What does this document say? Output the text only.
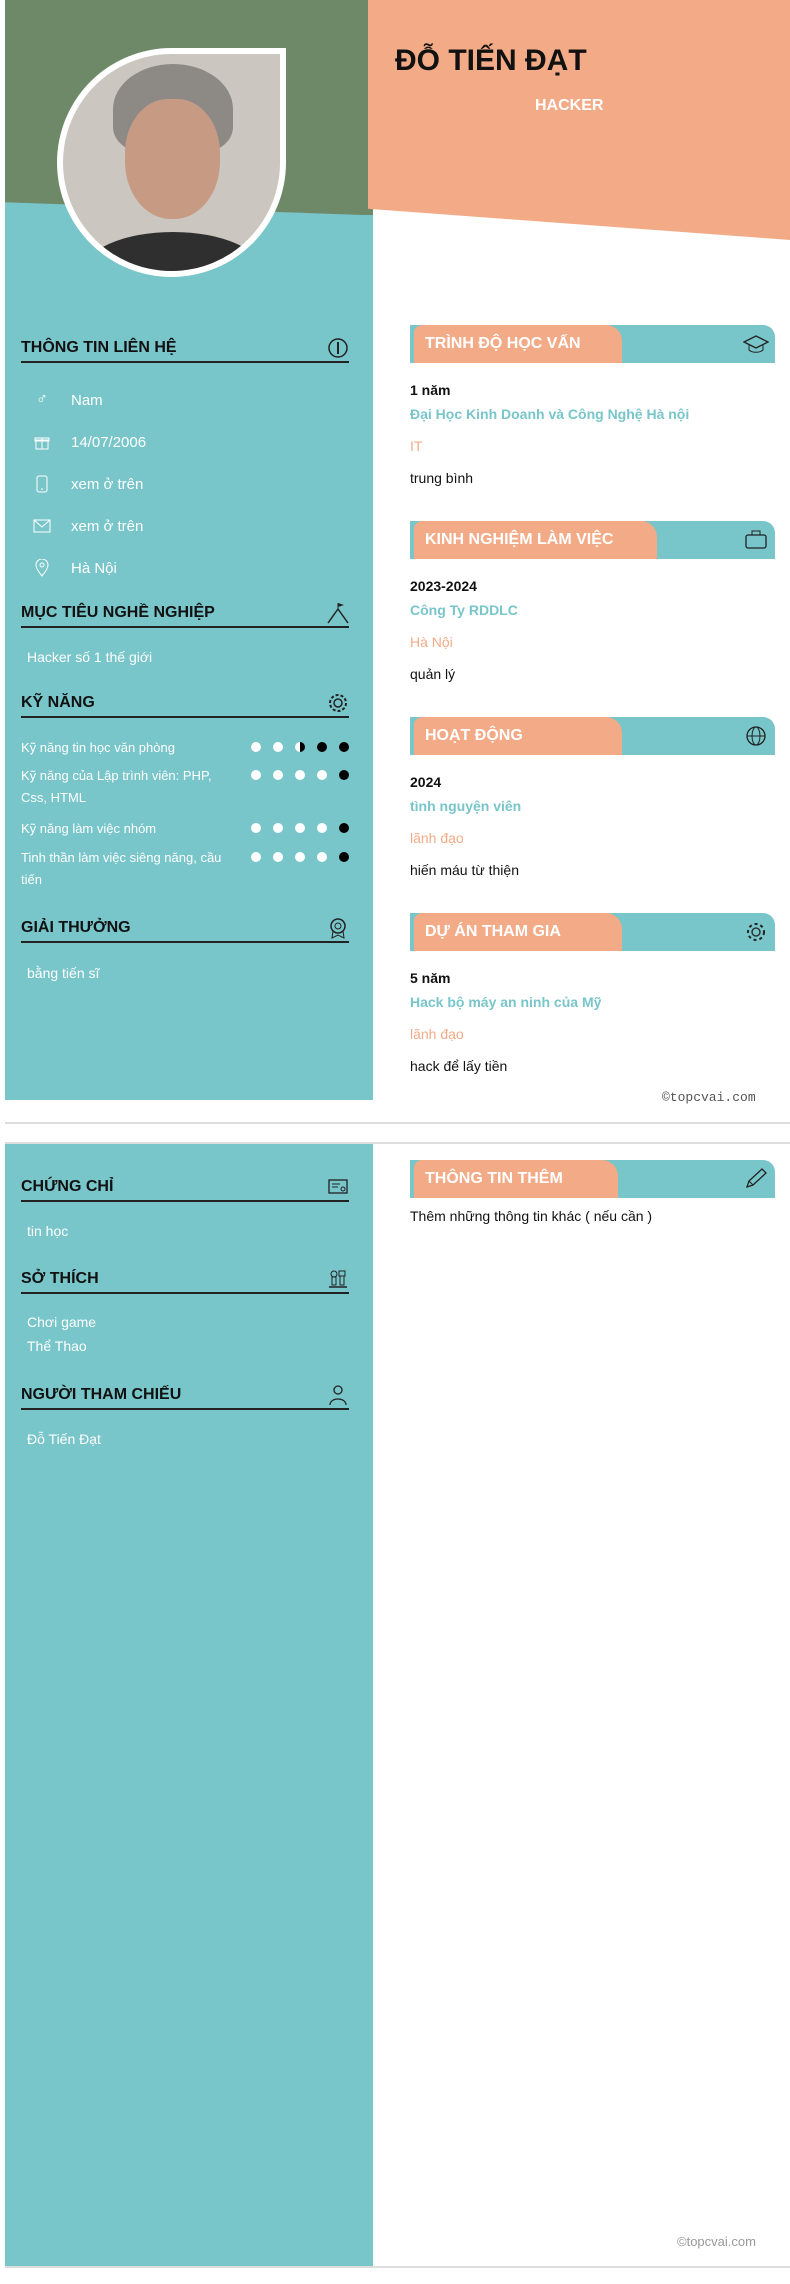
ĐỖ TIẾN ĐẠT
HACKER
THÔNG TIN LIÊN HỆ
♂	Nam
14/07/2006
xem ở trên
xem ở trên
Hà Nội
MỤC TIÊU NGHỀ NGHIỆP
Hacker số 1 thế giới
KỸ NĂNG
Kỹ năng tin học văn phòng
Kỹ năng của Lập trình viên: PHP, Css, HTML
Kỹ năng làm việc nhóm
Tinh thần làm việc siêng năng, cầu tiến
GIẢI THƯỞNG
bằng tiến sĩ
TRÌNH ĐỘ HỌC VẤN
1 năm
Đại Học Kinh Doanh và Công Nghệ Hà nội
IT
trung bình
KINH NGHIỆM LÀM VIỆC
2023-2024
Công Ty RDDLC
Hà Nội
quản lý
HOẠT ĐỘNG
2024
tình nguyện viên
lãnh đạo
hiến máu từ thiện
DỰ ÁN THAM GIA
5 năm
Hack bộ máy an ninh của Mỹ
lãnh đạo
hack để lấy tiền
©topcvai.com
CHỨNG CHỈ
tin học
SỞ THÍCH
Chơi game
Thể Thao
NGƯỜI THAM CHIẾU
Đỗ Tiến Đạt
THÔNG TIN THÊM
Thêm những thông tin khác ( nếu cần )
©topcvai.com
